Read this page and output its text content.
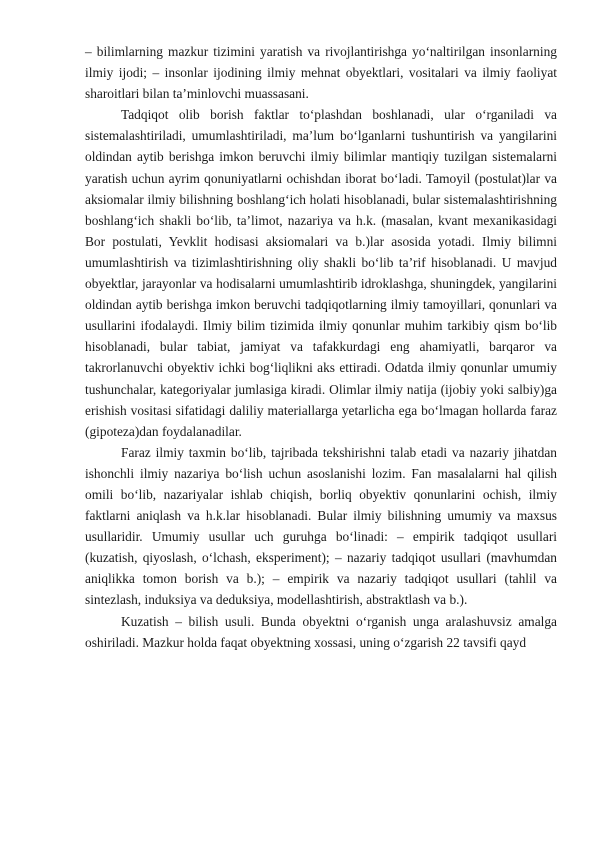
– bilimlarning mazkur tizimini yaratish va rivojlantirishga yo‘naltirilgan insonlarning ilmiy ijodi; – insonlar ijodining ilmiy mehnat obyektlari, vositalari va ilmiy faoliyat sharoitlari bilan ta’minlovchi muassasani.

Tadqiqot olib borish faktlar to‘plashdan boshlanadi, ular o‘rganiladi va sistemalashtiriladi, umumlashtiriladi, ma’lum bo‘lganlarni tushuntirish va yangilarini oldindan aytib berishga imkon beruvchi ilmiy bilimlar mantiqiy tuzilgan sistemalarni yaratish uchun ayrim qonuniyatlarni ochishdan iborat bo‘ladi. Tamoyil (postulat)lar va aksiomalar ilmiy bilishning boshlang‘ich holati hisoblanadi, bular sistemalashtirishning boshlang‘ich shakli bo‘lib, ta’limot, nazariya va h.k. (masalan, kvant mexanikasidagi Bor postulati, Yevklit hodisasi aksiomalari va b.)lar asosida yotadi. Ilmiy bilimni umumlashtirish va tizimlashtirishning oliy shakli bo‘lib ta’rif hisoblanadi. U mavjud obyektlar, jarayonlar va hodisalarni umumlashtirib idroklashga, shuningdek, yangilarini oldindan aytib berishga imkon beruvchi tadqiqotlarning ilmiy tamoyillari, qonunlari va usullarini ifodalaydi. Ilmiy bilim tizimida ilmiy qonunlar muhim tarkibiy qism bo‘lib hisoblanadi, bular tabiat, jamiyat va tafakkurdagi eng ahamiyatli, barqaror va takrorlanuvchi obyektiv ichki bog‘liqlikni aks ettiradi. Odatda ilmiy qonunlar umumiy tushunchalar, kategoriyalar jumlasiga kiradi. Olimlar ilmiy natija (ijobiy yoki salbiy)ga erishish vositasi sifatidagi daliliy materiallarga yetarlicha ega bo‘lmagan hollarda faraz (gipoteza)dan foydalanadilar.

Faraz ilmiy taxmin bo‘lib, tajribada tekshirishni talab etadi va nazariy jihatdan ishonchli ilmiy nazariya bo‘lish uchun asoslanishi lozim. Fan masalalarni hal qilish omili bo‘lib, nazariyalar ishlab chiqish, borliq obyektiv qonunlarini ochish, ilmiy faktlarni aniqlash va h.k.lar hisoblanadi. Bular ilmiy bilishning umumiy va maxsus usullaridir. Umumiy usullar uch guruhga bo‘linadi: – empirik tadqiqot usullari (kuzatish, qiyoslash, o‘lchash, eksperiment); – nazariy tadqiqot usullari (mavhumdan aniqlikka tomon borish va b.); – empirik va nazariy tadqiqot usullari (tahlil va sintezlash, induksiya va deduksiya, modellashtirish, abstraktlash va b.).

Kuzatish – bilish usuli. Bunda obyektni o‘rganish unga aralashuvsiz amalga oshiriladi. Mazkur holda faqat obyektning xossasi, uning o‘zgarish 22 tavsifi qayd
